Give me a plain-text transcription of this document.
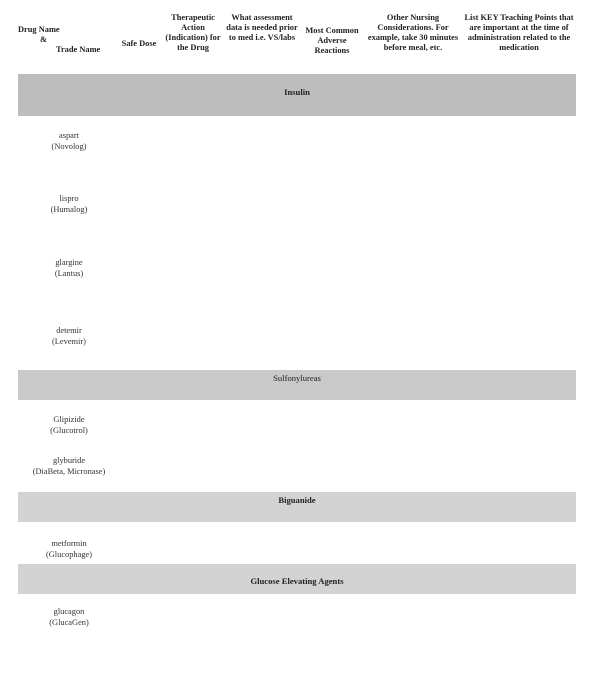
Drug Name
&
Trade Name
Safe Dose
Therapeutic Action (Indication) for the Drug
What assessment data is needed prior to med i.e. VS/labs
Most Common Adverse Reactions
Other Nursing Considerations. For example, take 30 minutes before meal, etc.
List KEY Teaching Points that are important at the time of administration related to the medication
Insulin
aspart
(Novolog)
lispro
(Humalog)
glargine
(Lantus)
detemir
(Levemir)
Sulfonylureas
Glipizide
(Glucotrol)
glyburide
(DiaBeta, Micronase)
Biguanide
metformin
(Glucophage)
Glucose Elevating Agents
glucagon
(GlucaGen)
